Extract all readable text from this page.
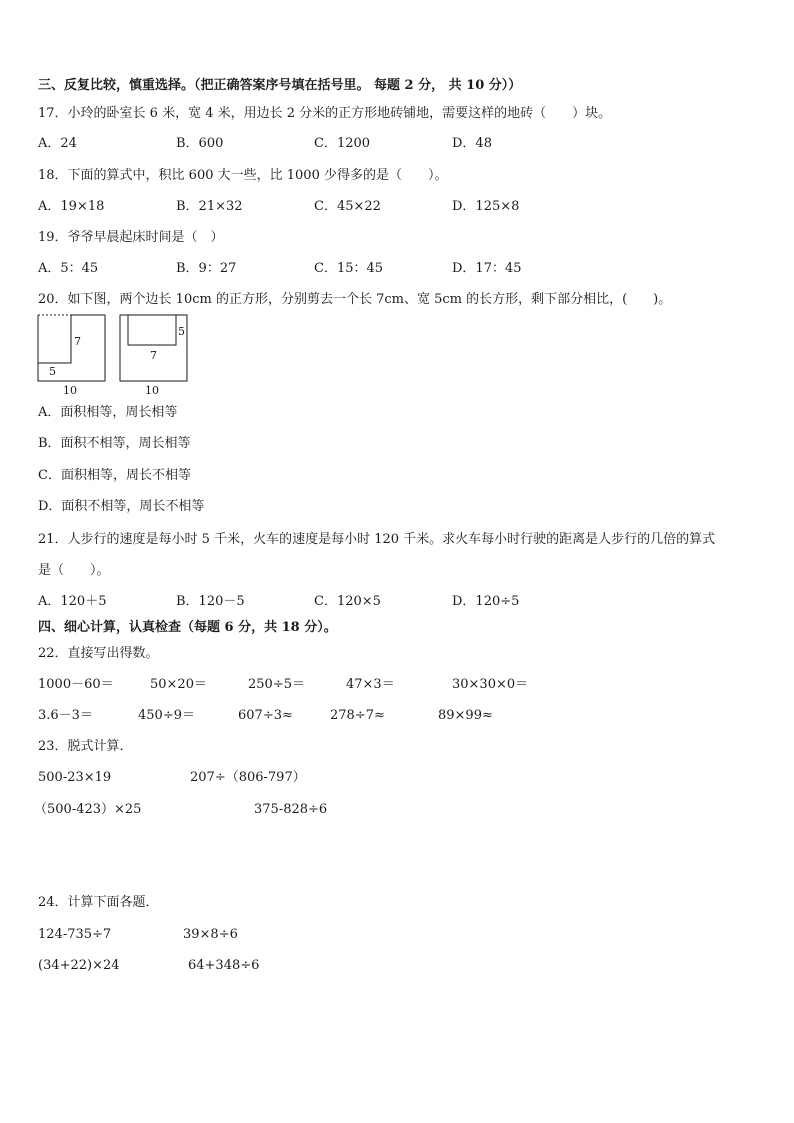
三、反复比较，慎重选择。（把正确答案序号填在括号里。 每题 2 分， 共 10 分））
17．小玲的卧室长 6 米，宽 4 米，用边长 2 分米的正方形地砖铺地，需要这样的地砖（　　）块。
A．24	B．600	C．1200	D．48
18．下面的算式中，积比 600 大一些，比 1000 少得多的是（　　）。
A．19×18	B．21×32	C．45×22	D．125×8
19．爷爷早晨起床时间是（　）
A．5：45	B．9：27	C．15：45	D．17：45
20．如下图，两个边长 10cm 的正方形，分别剪去一个长 7cm、宽 5cm 的长方形，剩下部分相比，(　　)。
7
5
10
5
7
10
A．面积相等，周长相等
B．面积不相等，周长相等
C．面积相等，周长不相等
D．面积不相等，周长不相等
21．人步行的速度是每小时 5 千米，火车的速度是每小时 120 千米。求火车每小时行驶的距离是人步行的几倍的算式
是（　　）。
A．120＋5	B．120－5	C．120×5	D．120÷5
四、细心计算，认真检查（每题 6 分，共 18 分）。
22．直接写出得数。
1000－60＝	50×20＝	250÷5＝	47×3＝	30×30×0＝
3.6－3＝	450÷9＝	607÷3≈	278÷7≈	89×99≈
23．脱式计算．
500-23×19	207÷（806-797）
（500-423）×25	375-828÷6
24．计算下面各题．
124-735÷7	39×8÷6
(34+22)×24	64+348÷6
